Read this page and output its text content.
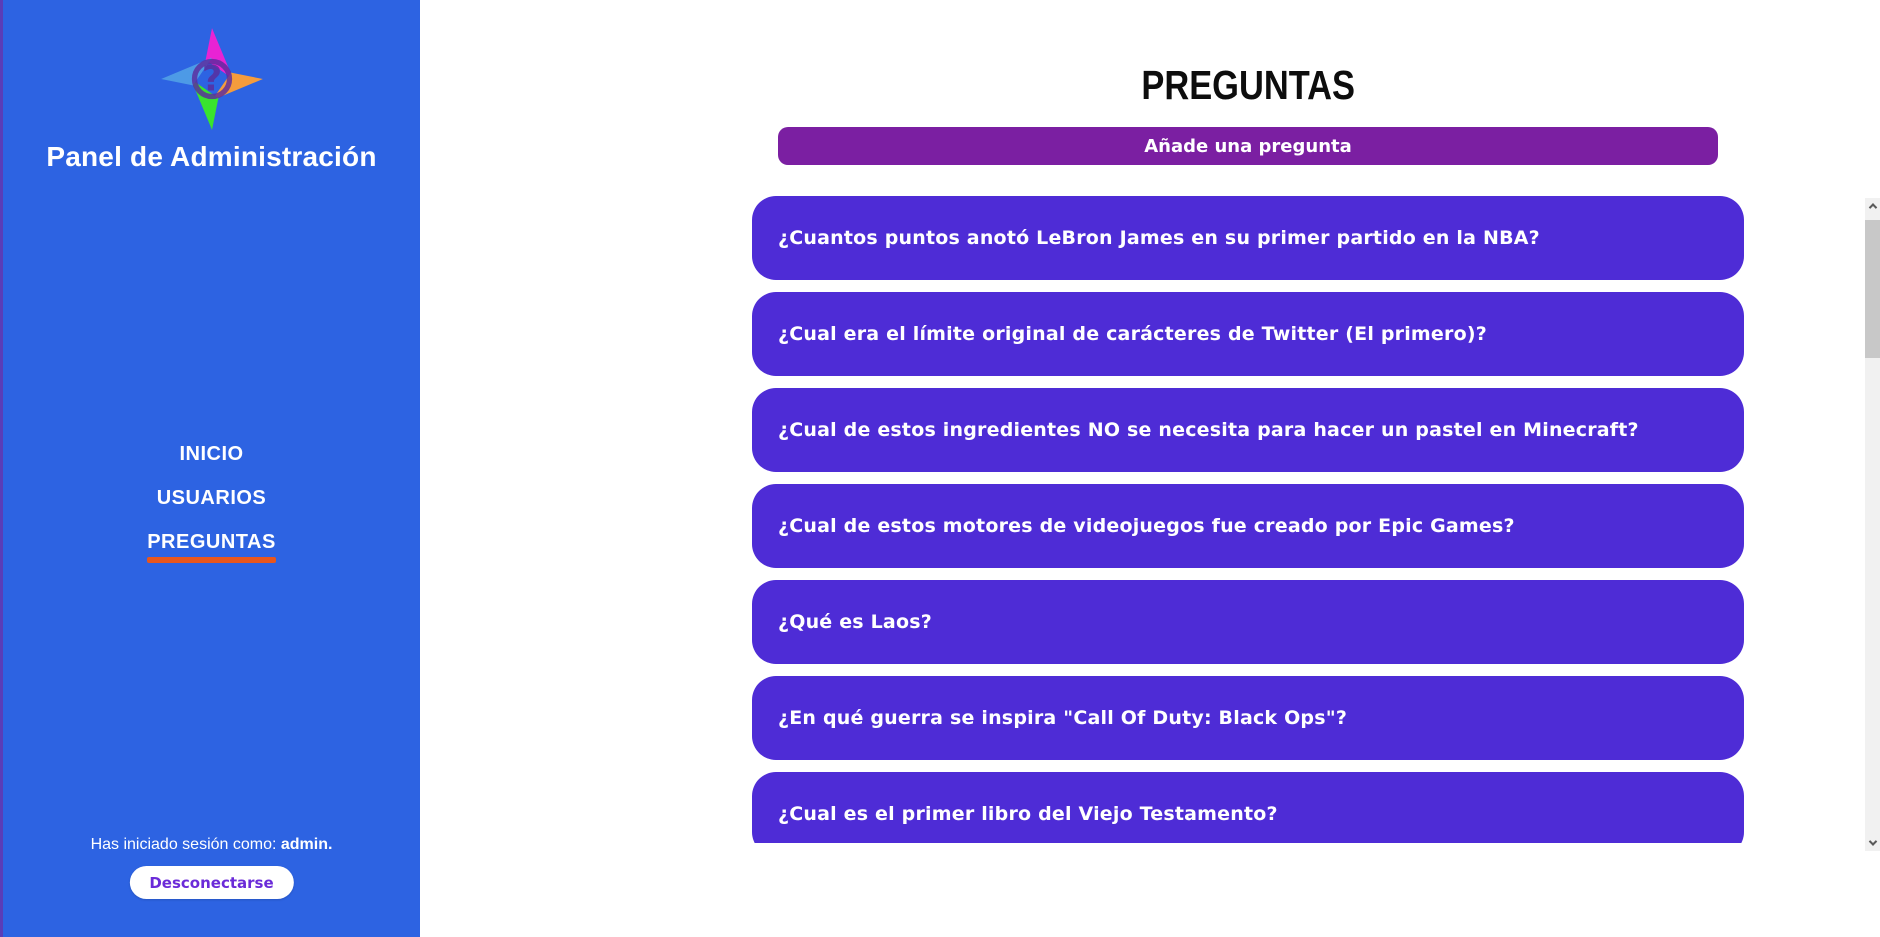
?
Panel de Administración
INICIO
USUARIOS
PREGUNTAS
Has iniciado sesión como: admin.
Desconectarse
PREGUNTAS
Añade una pregunta
¿Cuantos puntos anotó LeBron James en su primer partido en la NBA?
¿Cual era el límite original de carácteres de Twitter (El primero)?
¿Cual de estos ingredientes NO se necesita para hacer un pastel en Minecraft?
¿Cual de estos motores de videojuegos fue creado por Epic Games?
¿Qué es Laos?
¿En qué guerra se inspira "Call Of Duty: Black Ops"?
¿Cual es el primer libro del Viejo Testamento?
